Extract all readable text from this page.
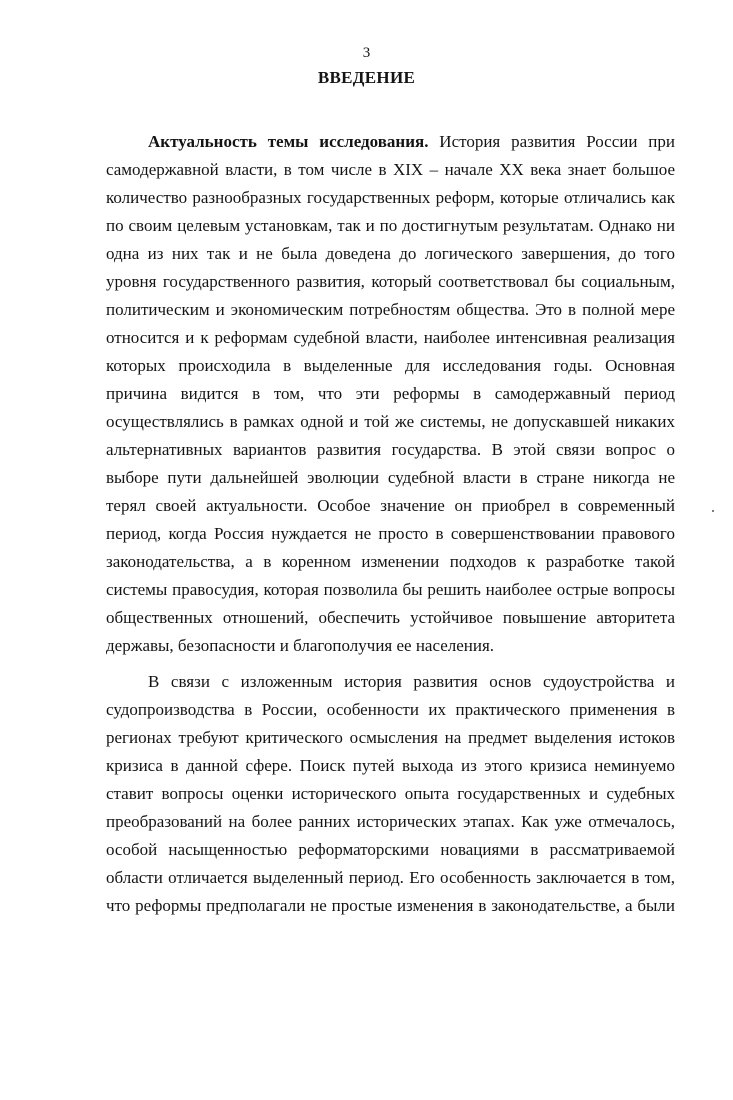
3
ВВЕДЕНИЕ
Актуальность темы исследования. История развития России при
самодержавной власти, в том числе в XIX – начале XX века знает большое
количество разнообразных государственных реформ, которые отличались как
по своим целевым установкам, так и по достигнутым результатам. Однако ни
одна из них так и не была доведена до логического завершения, до того
уровня государственного развития, который соответствовал бы социальным,
политическим и экономическим потребностям общества. Это в полной мере
относится и к реформам судебной власти, наиболее интенсивная реализация
которых происходила в выделенные для исследования годы. Основная
причина видится в том, что эти реформы в самодержавный период
осуществлялись в рамках одной и той же системы, не допускавшей никаких
альтернативных вариантов развития государства. В этой связи вопрос о
выборе пути дальнейшей эволюции судебной власти в стране никогда не
терял своей актуальности. Особое значение он приобрел в современный
период, когда Россия нуждается не просто в совершенствовании правового
законодательства, а в коренном изменении подходов к разработке такой
системы правосудия, которая позволила бы решить наиболее острые вопросы
общественных отношений, обеспечить устойчивое повышение авторитета
державы, безопасности и благополучия ее населения.
В связи с изложенным история развития основ судоустройства и
судопроизводства в России, особенности их практического применения в
регионах требуют критического осмысления на предмет выделения истоков
кризиса в данной сфере. Поиск путей выхода из этого кризиса неминуемо
ставит вопросы оценки исторического опыта государственных и судебных
преобразований на более ранних исторических этапах. Как уже отмечалось,
особой насыщенностью реформаторскими новациями в рассматриваемой
области отличается выделенный период. Его особенность заключается в том,
что реформы предполагали не простые изменения в законодательстве, а были
